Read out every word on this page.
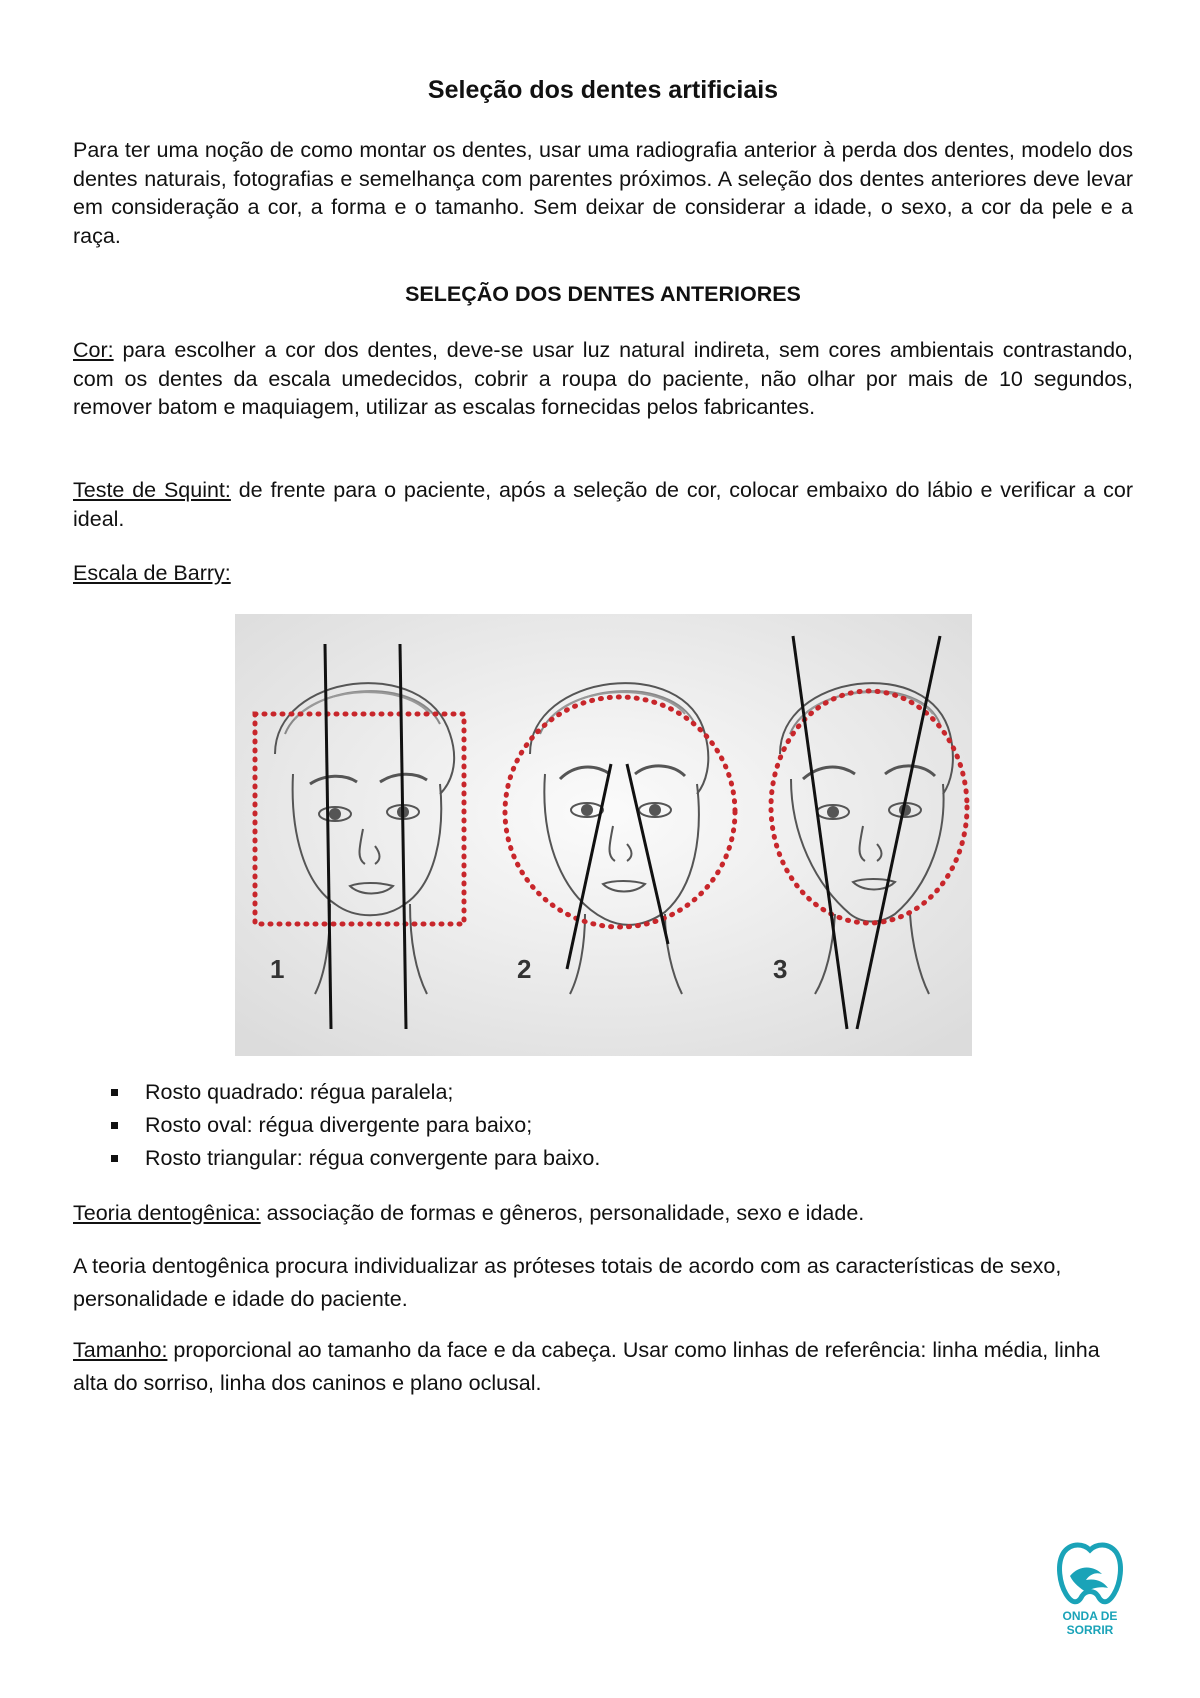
Seleção dos dentes artificiais

Para ter uma noção de como montar os dentes, usar uma radiografia anterior à perda dos dentes, modelo dos dentes naturais, fotografias e semelhança com parentes próximos. A seleção dos dentes anteriores deve levar em consideração a cor, a forma e o tamanho. Sem deixar de considerar a idade, o sexo, a cor da pele e a raça.

SELEÇÃO DOS DENTES ANTERIORES

Cor: para escolher a cor dos dentes, deve-se usar luz natural indireta, sem cores ambientais contrastando, com os dentes da escala umedecidos, cobrir a roupa do paciente, não olhar por mais de 10 segundos, remover batom e maquiagem, utilizar as escalas fornecidas pelos fabricantes.

Teste de Squint: de frente para o paciente, após a seleção de cor, colocar embaixo do lábio e verificar a cor ideal.

Escala de Barry:

1	2	3
Rosto quadrado: régua paralela;
Rosto oval: régua divergente para baixo;
Rosto triangular: régua convergente para baixo.

Teoria dentogênica: associação de formas e gêneros, personalidade, sexo e idade.

A teoria dentogênica procura individualizar as próteses totais de acordo com as características de sexo, personalidade e idade do paciente.

Tamanho: proporcional ao tamanho da face e da cabeça. Usar como linhas de referência: linha média, linha alta do sorriso, linha dos caninos e plano oclusal.

ONDA DE
SORRIR
